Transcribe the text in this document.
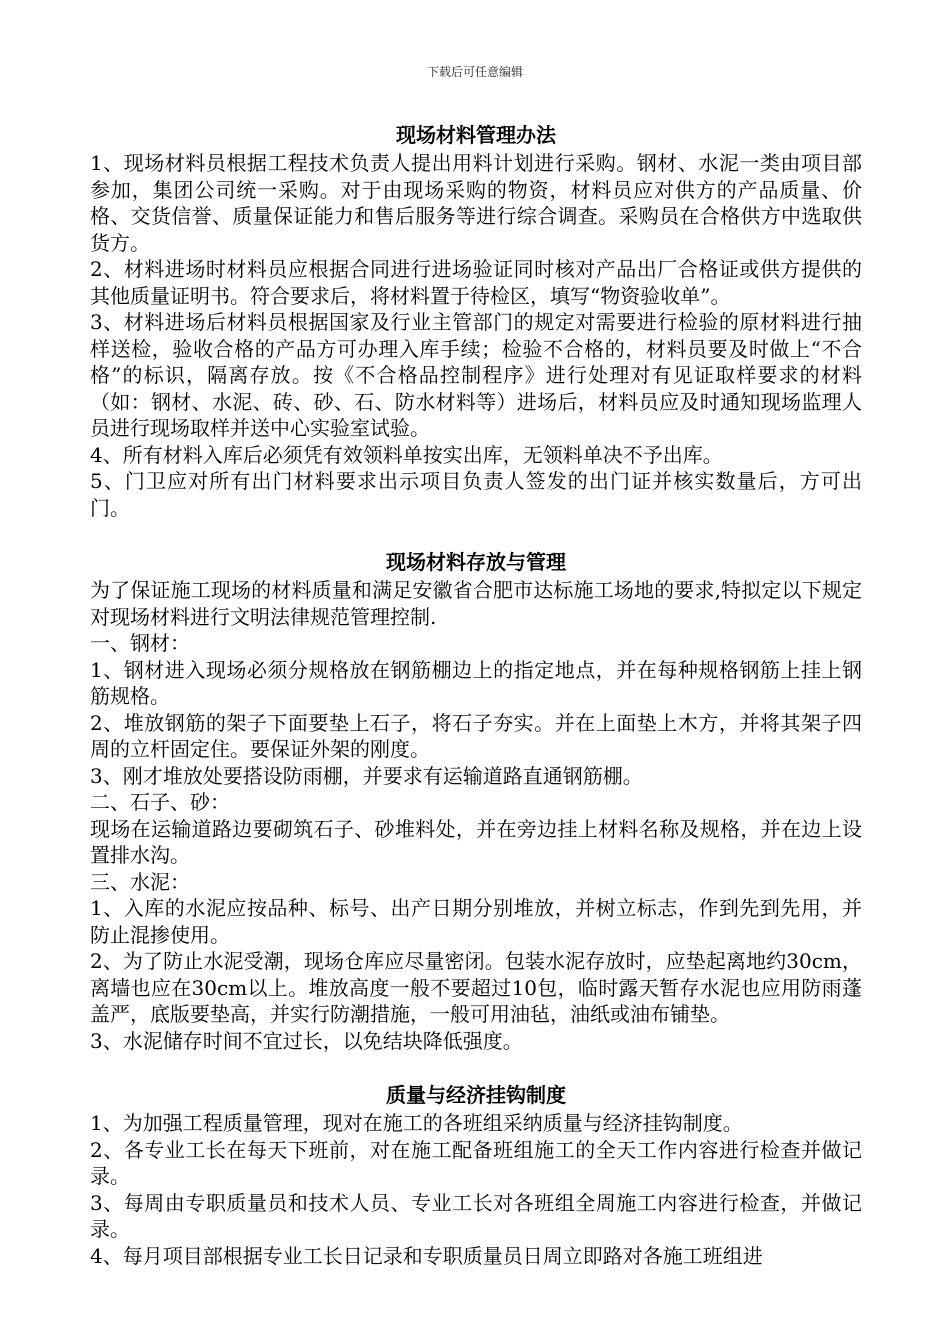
下载后可任意编辑
现场材料管理办法

1、现场材料员根据工程技术负责人提出用料计划进行采购。钢材、水泥一类由项目部参加，集团公司统一采购。对于由现场采购的物资，材料员应对供方的产品质量、价格、交货信誉、质量保证能力和售后服务等进行综合调查。采购员在合格供方中选取供货方。

2、材料进场时材料员应根据合同进行进场验证同时核对产品出厂合格证或供方提供的其他质量证明书。符合要求后，将材料置于待检区，填写“物资验收单”。

3、材料进场后材料员根据国家及行业主管部门的规定对需要进行检验的原材料进行抽样送检，验收合格的产品方可办理入库手续；检验不合格的，材料员要及时做上“不合格”的标识，隔离存放。按《不合格品控制程序》进行处理对有见证取样要求的材料（如：钢材、水泥、砖、砂、石、防水材料等）进场后，材料员应及时通知现场监理人员进行现场取样并送中心实验室试验。

4、所有材料入库后必须凭有效领料单按实出库，无领料单决不予出库。

5、门卫应对所有出门材料要求出示项目负责人签发的出门证并核实数量后，方可出门。

现场材料存放与管理

为了保证施工现场的材料质量和满足安徽省合肥市达标施工场地的要求,特拟定以下规定对现场材料进行文明法律规范管理控制.

一、钢材：

1、钢材进入现场必须分规格放在钢筋棚边上的指定地点，并在每种规格钢筋上挂上钢筋规格。

2、堆放钢筋的架子下面要垫上石子，将石子夯实。并在上面垫上木方，并将其架子四周的立杆固定住。要保证外架的刚度。

3、刚才堆放处要搭设防雨棚，并要求有运输道路直通钢筋棚。

二、石子、砂：

现场在运输道路边要砌筑石子、砂堆料处，并在旁边挂上材料名称及规格，并在边上设置排水沟。

三、水泥：

1、入库的水泥应按品种、标号、出产日期分别堆放，并树立标志，作到先到先用，并防止混掺使用。

2、为了防止水泥受潮，现场仓库应尽量密闭。包装水泥存放时，应垫起离地约30cm，离墙也应在30cm以上。堆放高度一般不要超过10包，临时露天暂存水泥也应用防雨蓬盖严，底版要垫高，并实行防潮措施，一般可用油毡，油纸或油布铺垫。

3、水泥储存时间不宜过长，以免结块降低强度。

质量与经济挂钩制度

1、为加强工程质量管理，现对在施工的各班组采纳质量与经济挂钩制度。

2、各专业工长在每天下班前，对在施工配备班组施工的全天工作内容进行检查并做记录。

3、每周由专职质量员和技术人员、专业工长对各班组全周施工内容进行检查，并做记录。

4、每月项目部根据专业工长日记录和专职质量员日周立即路对各施工班组进
